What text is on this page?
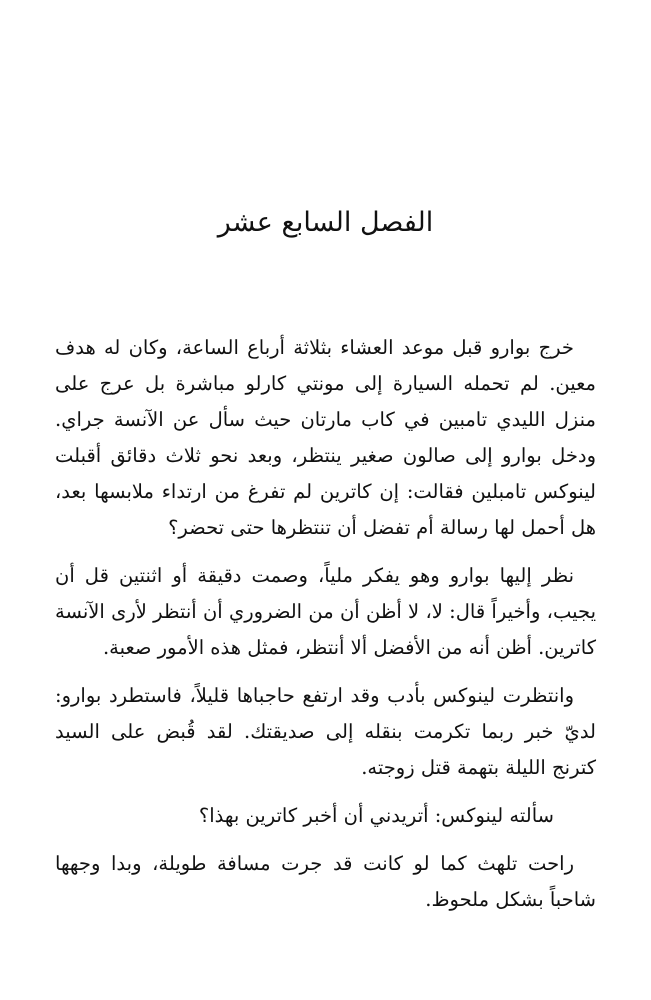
الفصل السابع عشر

خرج بوارو قبل موعد العشاء بثلاثة أرباع الساعة، وكان له هدف معين. لم تحمله السيارة إلى مونتي كارلو مباشرة بل عرج على منزل الليدي تامبين في كاب مارتان حيث سأل عن الآنسة جراي. ودخل بوارو إلى صالون صغير ينتظر، وبعد نحو ثلاث دقائق أقبلت لينوكس تامبلين فقالت: إن كاترين لم تفرغ من ارتداء ملابسها بعد، هل أحمل لها رسالة أم تفضل أن تنتظرها حتى تحضر؟

نظر إليها بوارو وهو يفكر ملياً، وصمت دقيقة أو اثنتين قل أن يجيب، وأخيراً قال: لا، لا أظن أن من الضروري أن أنتظر لأرى الآنسة كاترين. أظن أنه من الأفضل ألا أنتظر، فمثل هذه الأمور صعبة.

وانتظرت لينوكس بأدب وقد ارتفع حاجباها قليلاً، فاستطرد بوارو: لديّ خبر ربما تكرمت بنقله إلى صديقتك. لقد قُبض على السيد كترنج الليلة بتهمة قتل زوجته.

سألته لينوكس: أتريدني أن أخبر كاترين بهذا؟

راحت تلهث كما لو كانت قد جرت مسافة طويلة، وبدا وجهها شاحباً بشكل ملحوظ.
